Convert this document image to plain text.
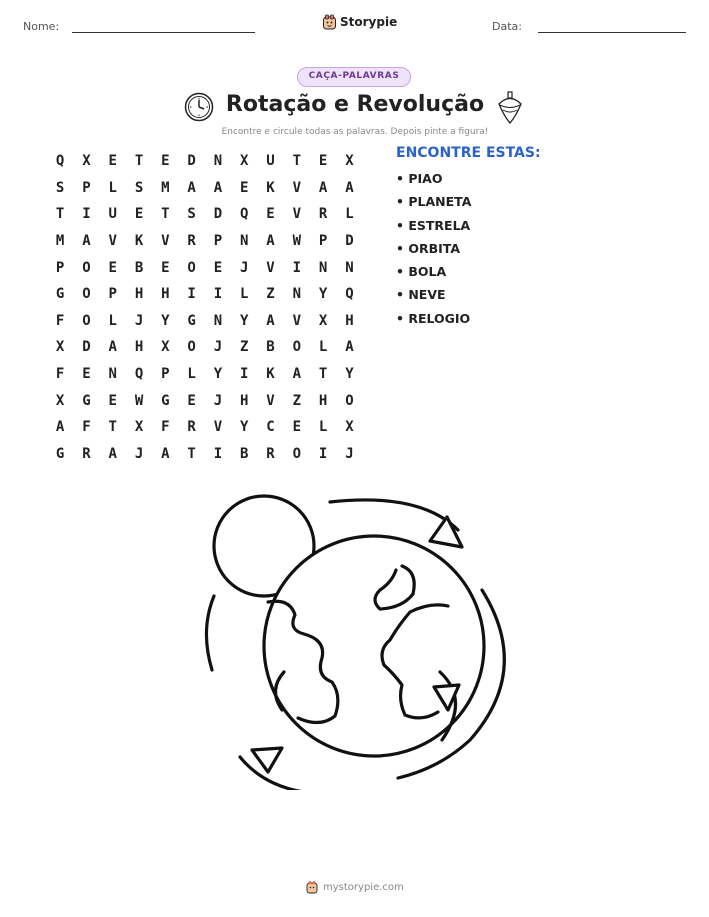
Nome:	Storypie	Data:
CAÇA-PALAVRAS
Rotação e Revolução
Encontre e circule todas as palavras. Depois pinte a figura!
Q	X	E	T	E	D	N	X	U	T	E	X
S	P	L	S	M	A	A	E	K	V	A	A
T	I	U	E	T	S	D	Q	E	V	R	L
M	A	V	K	V	R	P	N	A	W	P	D
P	O	E	B	E	O	E	J	V	I	N	N
G	O	P	H	H	I	I	L	Z	N	Y	Q
F	O	L	J	Y	G	N	Y	A	V	X	H
X	D	A	H	X	O	J	Z	B	O	L	A
F	E	N	Q	P	L	Y	I	K	A	T	Y
X	G	E	W	G	E	J	H	V	Z	H	O
A	F	T	X	F	R	V	Y	C	E	L	X
G	R	A	J	A	T	I	B	R	O	I	J
ENCONTRE ESTAS:
• PIAO
• PLANETA
• ESTRELA
• ORBITA
• BOLA
• NEVE
• RELOGIO
mystorypie.com
